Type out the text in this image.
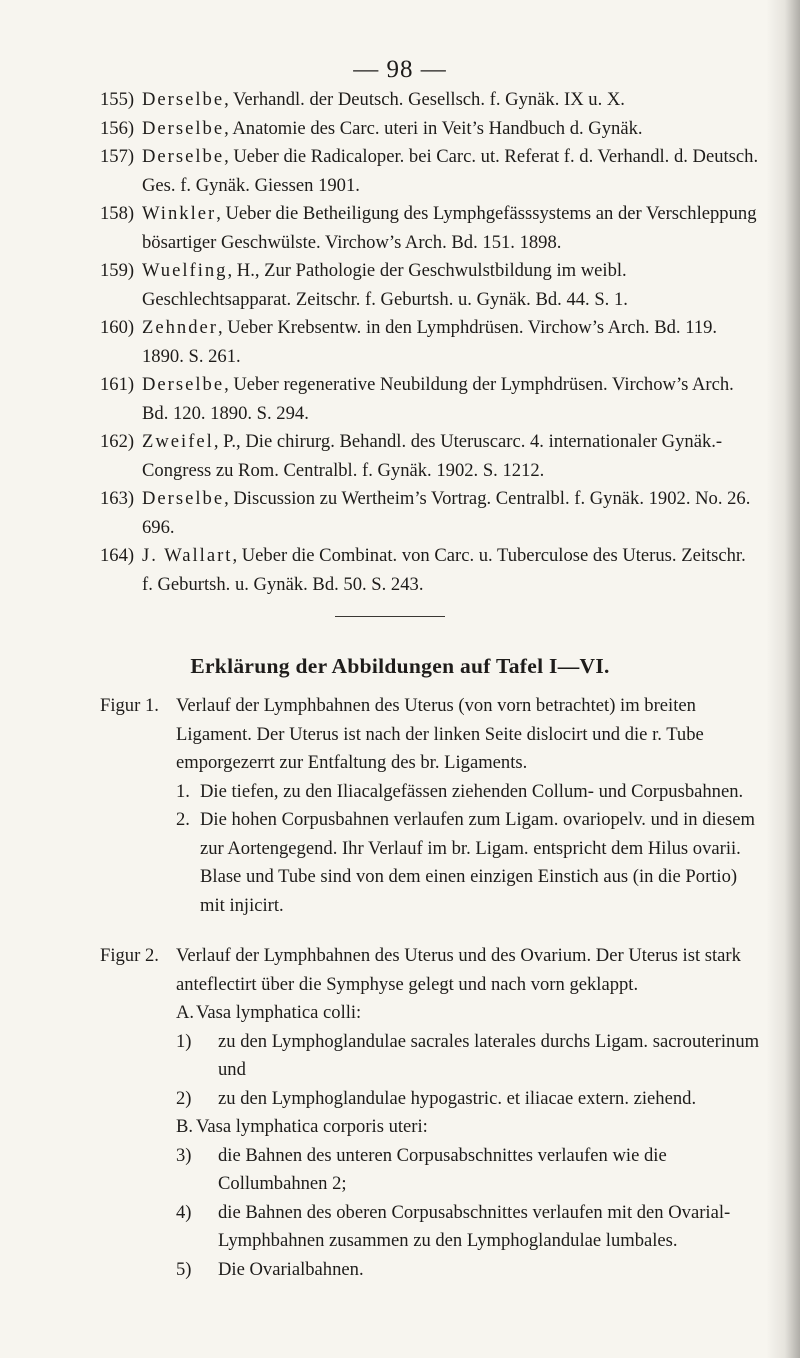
— 98 —
155) Derselbe, Verhandl. der Deutsch. Gesellsch. f. Gynäk. IX u. X.
156) Derselbe, Anatomie des Carc. uteri in Veit’s Handbuch d. Gynäk.
157) Derselbe, Ueber die Radicaloper. bei Carc. ut. Referat f. d. Verhandl. d. Deutsch. Ges. f. Gynäk. Giessen 1901.
158) Winkler, Ueber die Betheiligung des Lymphgefässsystems an der Verschleppung bösartiger Geschwülste. Virchow’s Arch. Bd. 151. 1898.
159) Wuelfing, H., Zur Pathologie der Geschwulstbildung im weibl. Geschlechtsapparat. Zeitschr. f. Geburtsh. u. Gynäk. Bd. 44. S. 1.
160) Zehnder, Ueber Krebsentw. in den Lymphdrüsen. Virchow’s Arch. Bd. 119. 1890. S. 261.
161) Derselbe, Ueber regenerative Neubildung der Lymphdrüsen. Virchow’s Arch. Bd. 120. 1890. S. 294.
162) Zweifel, P., Die chirurg. Behandl. des Uteruscarc. 4. internationaler Gynäk.-Congress zu Rom. Centralbl. f. Gynäk. 1902. S. 1212.
163) Derselbe, Discussion zu Wertheim’s Vortrag. Centralbl. f. Gynäk. 1902. No. 26. 696.
164) J. Wallart, Ueber die Combinat. von Carc. u. Tuberculose des Uterus. Zeitschr. f. Geburtsh. u. Gynäk. Bd. 50. S. 243.
Erklärung der Abbildungen auf Tafel I—VI.
Figur 1. Verlauf der Lymphbahnen des Uterus (von vorn betrachtet) im breiten Ligament. Der Uterus ist nach der linken Seite dislocirt und die r. Tube emporgezerrt zur Entfaltung des br. Ligaments.

1. Die tiefen, zu den Iliacalgefässen ziehenden Collum- und Corpusbahnen.

2. Die hohen Corpusbahnen verlaufen zum Ligam. ovariopelv. und in diesem zur Aortengegend. Ihr Verlauf im br. Ligam. entspricht dem Hilus ovarii. Blase und Tube sind von dem einen einzigen Einstich aus (in die Portio) mit injicirt.

Figur 2. Verlauf der Lymphbahnen des Uterus und des Ovarium. Der Uterus ist stark anteflectirt über die Symphyse gelegt und nach vorn geklappt.

A. Vasa lymphatica colli:

1) zu den Lymphoglandulae sacrales laterales durchs Ligam. sacrouterinum und

2) zu den Lymphoglandulae hypogastric. et iliacae extern. ziehend.

B. Vasa lymphatica corporis uteri:

3) die Bahnen des unteren Corpusabschnittes verlaufen wie die Collumbahnen 2;

4) die Bahnen des oberen Corpusabschnittes verlaufen mit den Ovarial-Lymphbahnen zusammen zu den Lymphoglandulae lumbales.

5) Die Ovarialbahnen.
